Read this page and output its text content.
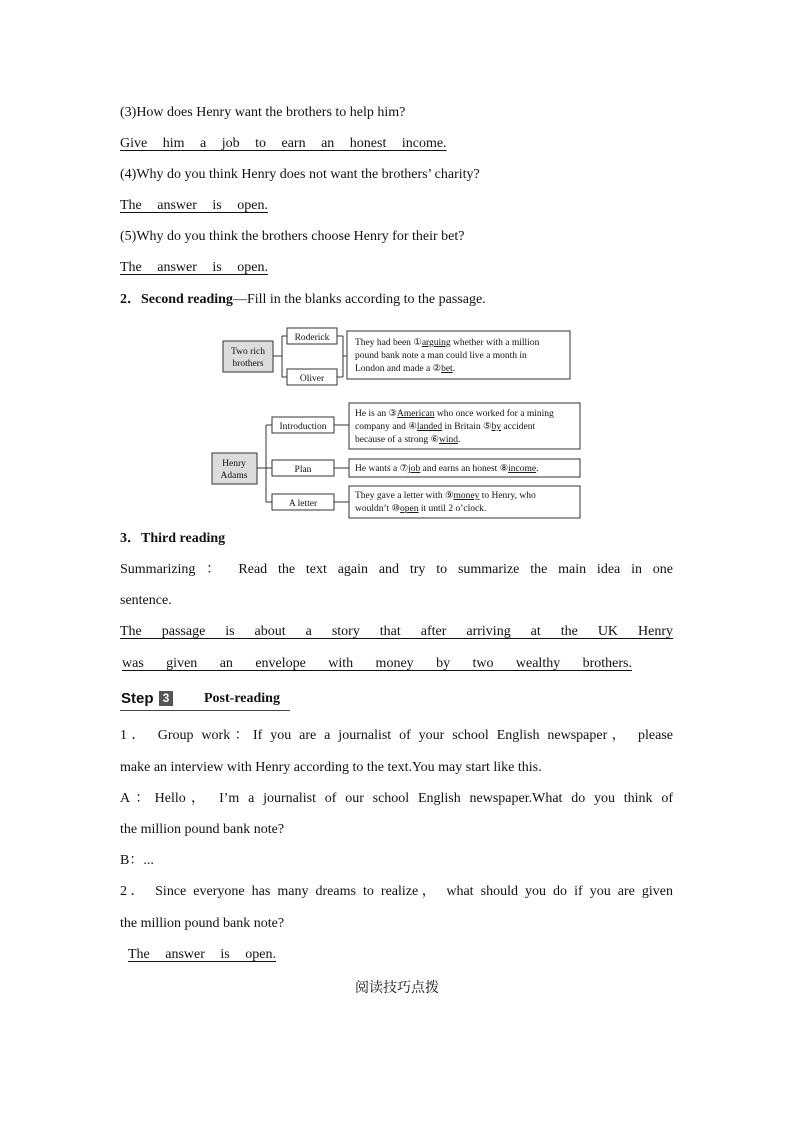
(3)How does Henry want the brothers to help him?
Give him a job to earn an honest income.
(4)Why do you think Henry does not want the brothers’ charity?
The answer is open.
(5)Why do you think the brothers choose Henry for their bet?
The answer is open.
2．Second reading—Fill in the blanks according to the passage.
Two rich
brothers
Roderick
Oliver
They had been ①arguing whether with a million
pound bank note a man could live a month in
London and made a ②bet.
Henry
Adams
Introduction
Plan
A letter
He is an ③American who once worked for a mining
company and ④landed in Britain ⑤by accident
because of a strong ⑥wind.
He wants a ⑦job and earns an honest ⑧income.
They gave a letter with ⑨money to Henry, who
wouldn’t ⑩open it until 2 o’clock.
3．Third reading
Summarizing ： Read the text again and try to summarize the main idea in one
sentence.
The passage is about a story that after arriving at the UK Henry
was given an envelope with money by two wealthy brothers.
Step 3 Post-reading
1． Group work：If you are a journalist of your school English newspaper， please
make an interview with Henry according to the text.You may start like this.
A：Hello， I’m a journalist of our school English newspaper.What do you think of
the million pound bank note?
B：...
2． Since everyone has many dreams to realize， what should you do if you are given
the million pound bank note?
The answer is open.
阅读技巧点拨
